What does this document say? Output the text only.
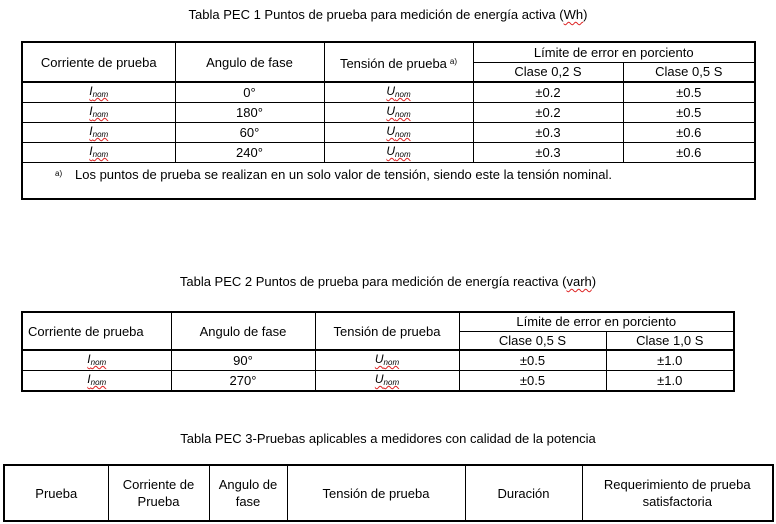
Tabla PEC 1 Puntos de prueba para medición de energía activa (Wh)
Corriente de prueba	Angulo de fase	Tensión de prueba $^{a)}$	Límite de error en porciento	
			Clase 0,2 S	Clase 0,5 S
$I_{nom}$	0°	$U_{nom}$	±0.2	±0.5
$I_{nom}$	180°	$U_{nom}$	±0.2	±0.5
$I_{nom}$	60°	$U_{nom}$	±0.3	±0.6
$I_{nom}$	240°	$U_{nom}$	±0.3	±0.6
a) Los puntos de prueba se realizan en un solo valor de tensión, siendo este la tensión nominal.				
Tabla PEC 2 Puntos de prueba para medición de energía reactiva (varh)
Corriente de prueba	Angulo de fase	Tensión de prueba	Límite de error en porciento	
			Clase 0,5 S	Clase 1,0 S
$I_{nom}$	90°	$U_{nom}$	±0.5	±1.0
$I_{nom}$	270°	$U_{nom}$	±0.5	±1.0
Tabla PEC 3-Pruebas aplicables a medidores con calidad de la potencia
Prueba	Corriente de Prueba	Angulo de fase	Tensión de prueba	Duración	Requerimiento de prueba satisfactoria
